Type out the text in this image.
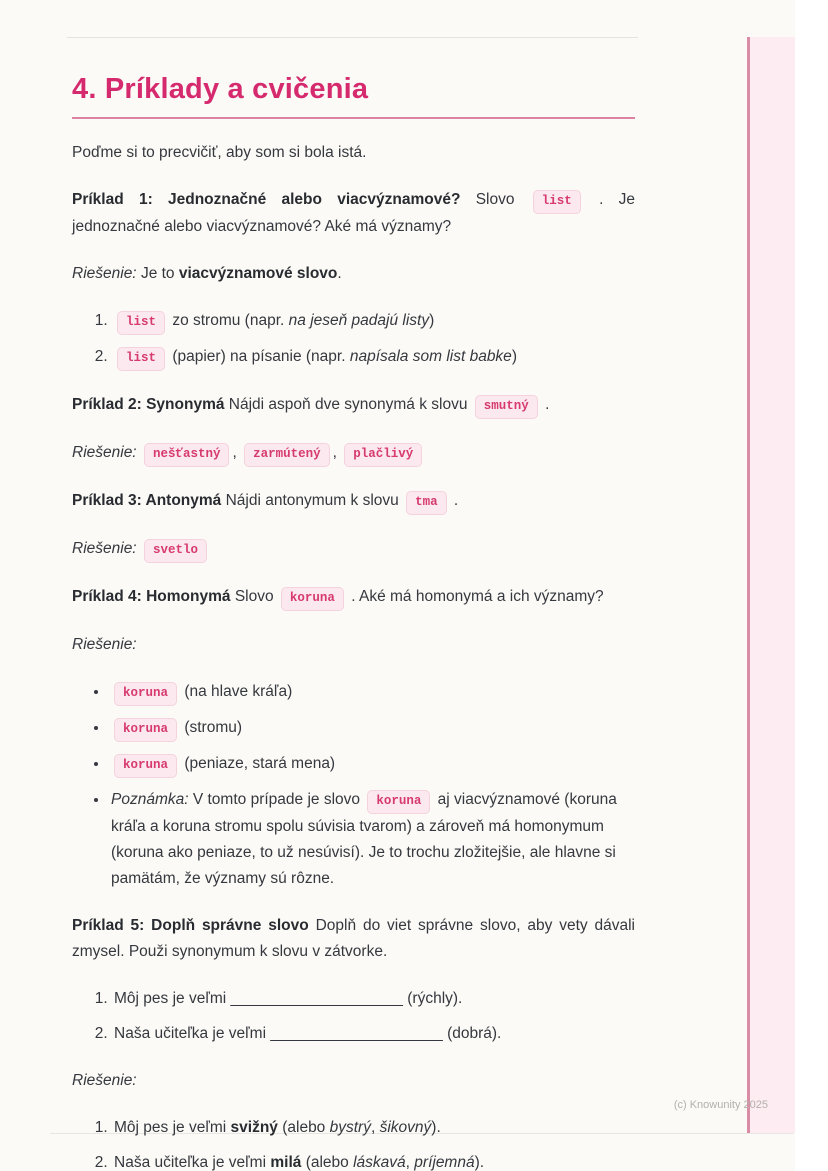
4. Príklady a cvičenia

Poďme si to precvičiť, aby som si bola istá.

Príklad 1: Jednoznačné alebo viacvýznamové? Slovo list . Je jednoznačné alebo viacvýznamové? Aké má významy?

Riešenie: Je to viacvýznamové slovo.

1. list zo stromu (napr. na jeseň padajú listy)
2. list (papier) na písanie (napr. napísala som list babke)

Príklad 2: Synonymá Nájdi aspoň dve synonymá k slovu smutný .

Riešenie: nešťastný , zarmútený , plačlivý

Príklad 3: Antonymá Nájdi antonymum k slovu tma .

Riešenie: svetlo

Príklad 4: Homonymá Slovo koruna . Aké má homonymá a ich významy?

Riešenie:

• koruna (na hlave kráľa)
• koruna (stromu)
• koruna (peniaze, stará mena)
• Poznámka: V tomto prípade je slovo koruna aj viacvýznamové (koruna kráľa a koruna stromu spolu súvisia tvarom) a zároveň má homonymum (koruna ako peniaze, to už nesúvisí). Je to trochu zložitejšie, ale hlavne si pamätám, že významy sú rôzne.

Príklad 5: Doplň správne slovo Doplň do viet správne slovo, aby vety dávali zmysel. Použi synonymum k slovu v zátvorke.

1. Môj pes je veľmi ____________________ (rýchly).
2. Naša učiteľka je veľmi ____________________ (dobrá).

Riešenie:

1. Môj pes je veľmi svižný (alebo bystrý, šikovný).
2. Naša učiteľka je veľmi milá (alebo láskavá, príjemná).
(c) Knowunity 2025
